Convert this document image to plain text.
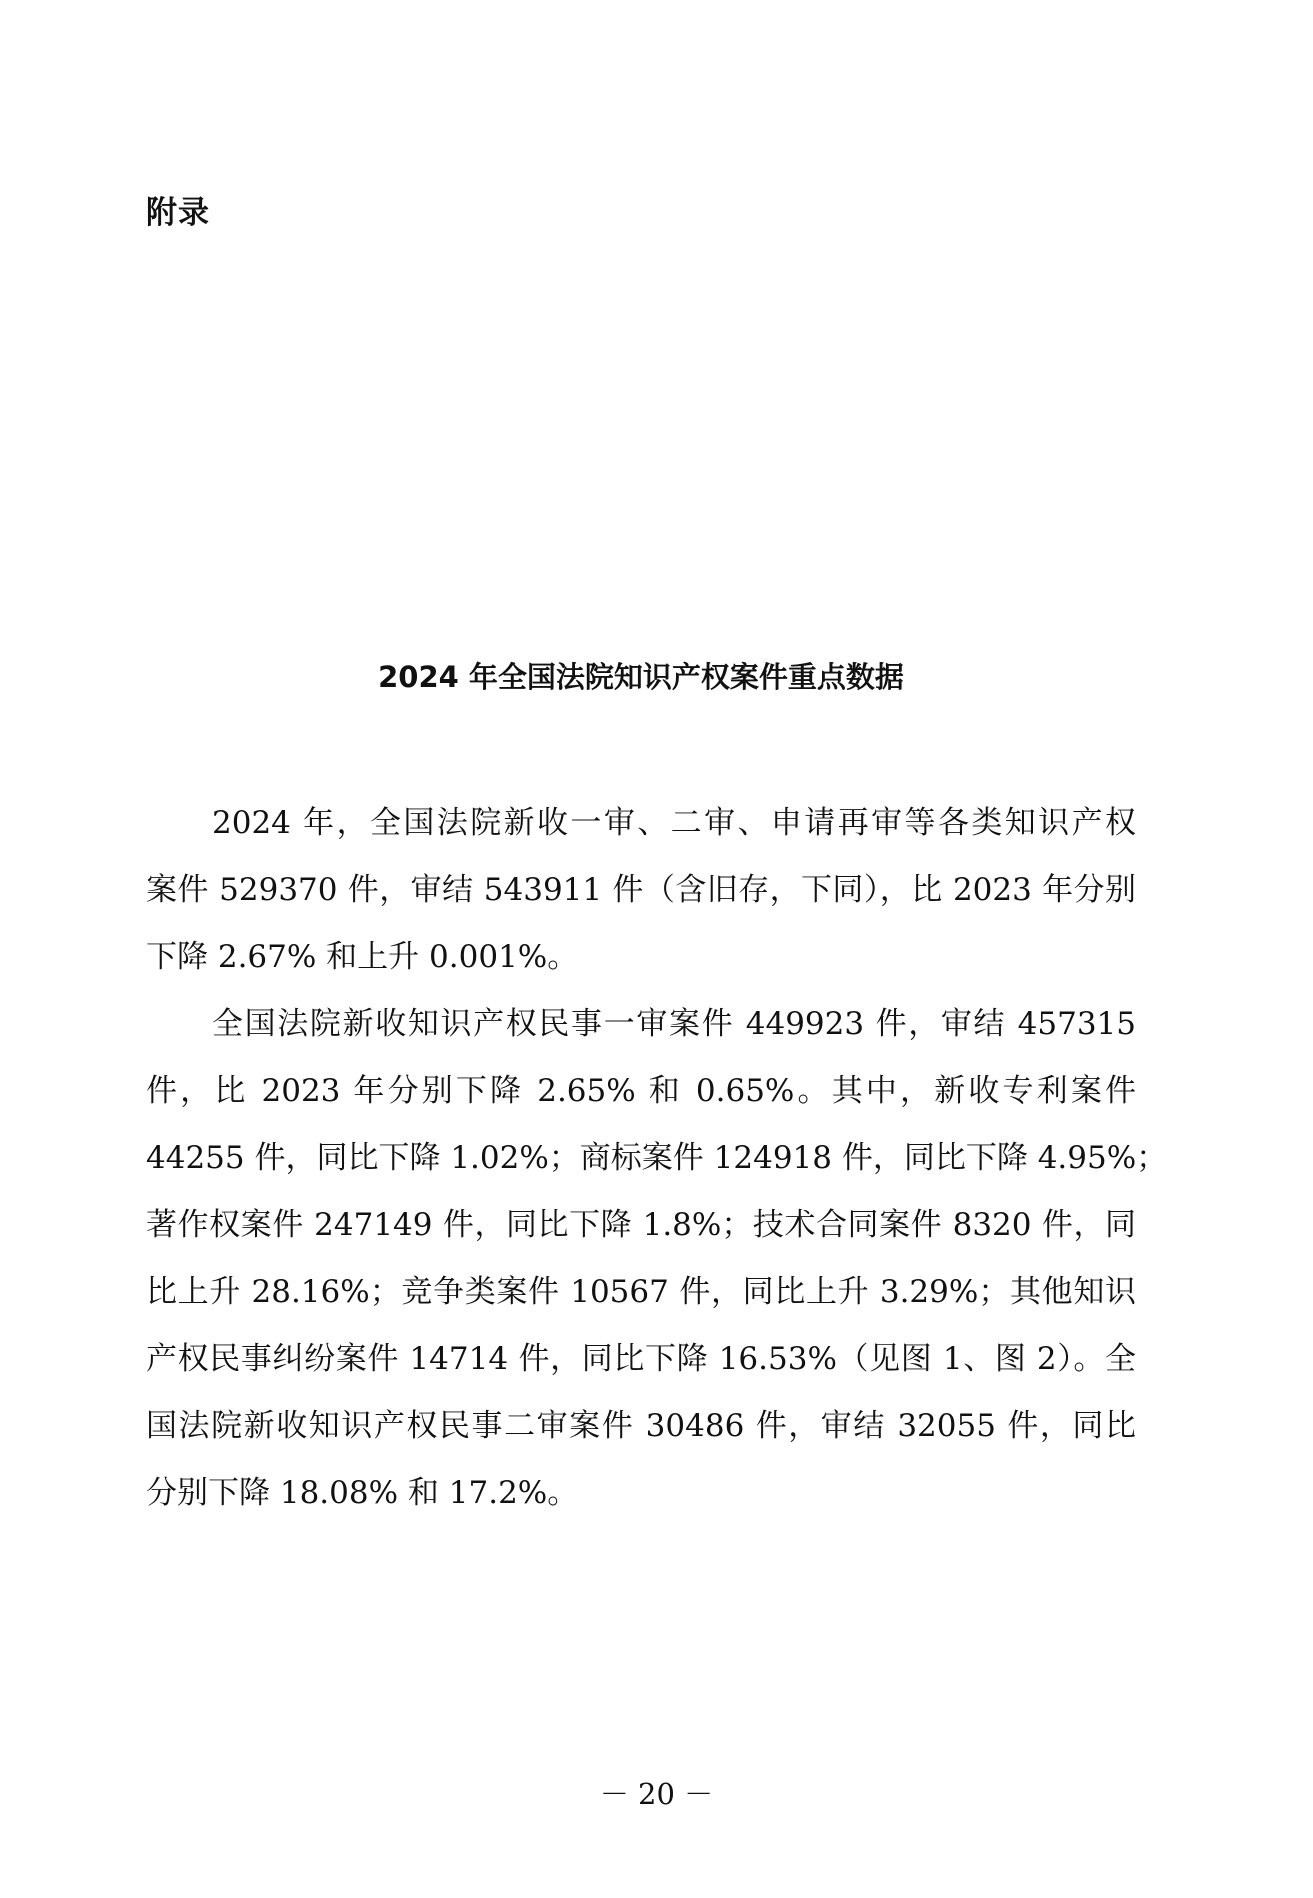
附录
2024 年全国法院知识产权案件重点数据
2024 年，全国法院新收一审、二审、申请再审等各类知识产权
案件 529370 件，审结 543911 件（含旧存，下同），比 2023 年分别
下降 2.67% 和上升 0.001%。
全国法院新收知识产权民事一审案件 449923 件，审结 457315
件，比 2023 年分别下降 2.65% 和 0.65%。其中，新收专利案件
44255 件，同比下降 1.02%；商标案件 124918 件，同比下降 4.95%；
著作权案件 247149 件，同比下降 1.8%；技术合同案件 8320 件，同
比上升 28.16%；竞争类案件 10567 件，同比上升 3.29%；其他知识
产权民事纠纷案件 14714 件，同比下降 16.53%（见图 1、图 2）。全
国法院新收知识产权民事二审案件 30486 件，审结 32055 件，同比
分别下降 18.08% 和 17.2%。
－ 20 －
